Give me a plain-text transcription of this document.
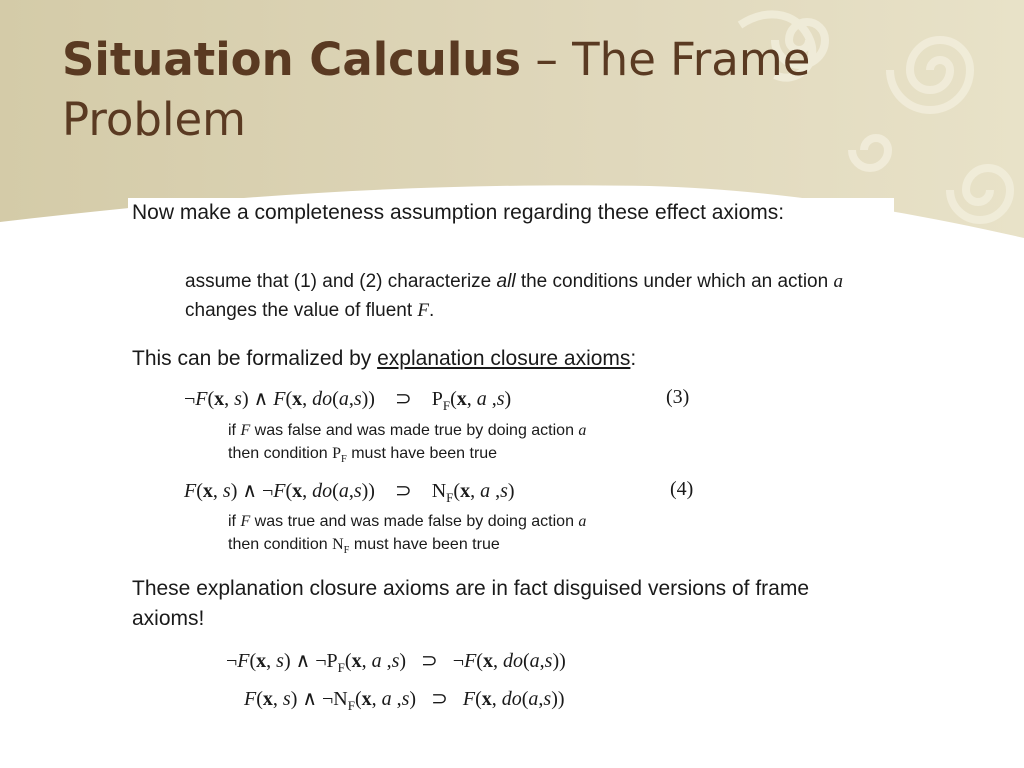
Situation Calculus – The Frame Problem

Now make a completeness assumption regarding these effect axioms:

assume that (1) and (2) characterize all the conditions under which an action a changes the value of fluent F.

This can be formalized by explanation closure axioms:

¬F(x, s) ∧ F(x, do(a,s))    ⊃    $P_F(x$, a ,s)	(3)
if F was false and was made true by doing action a
then condition $P_F$ must have been true
F(x, s) ∧ ¬F(x, do(a,s))    ⊃    $N_F(x$, a ,s)	(4)
if F was true and was made false by doing action a
then condition $N_F$ must have been true

These explanation closure axioms are in fact disguised versions of frame axioms!

¬F(x, s) ∧ $\neg P_F(x$, a ,s)   ⊃   ¬F(x, do(a,s))
F(x, s) ∧ $\neg N_F(x$, a ,s)   ⊃   F(x, do(a,s))
